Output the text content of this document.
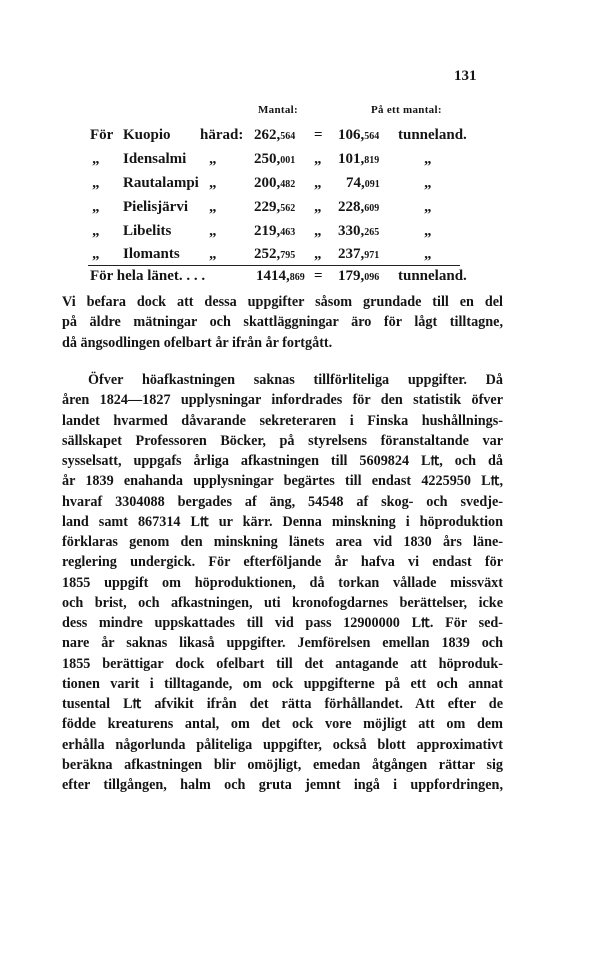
131
Mantal:	På ett mantal:
För Kuopio härad: 262,564 = 106,564 tunneland.
„ Idensalmi „	250,001 „ 101,819	„
„ Rautalampi „	200,482 „ 74,091	„
„ Pielisjärvi „	229,562 „ 228,609	„
„ Libelits	„	219,463 „ 330,265	„
„ Ilomants „	252,795 „ 237,971	„
För hela länet. . . .	1414,869 = 179,096 tunneland.
Vi befara dock att dessa uppgifter såsom grundade till en del
på äldre mätningar och skattläggningar äro för lågt tilltagne,
då ängsodlingen ofelbart år ifrån år fortgått.
Öfver höafkastningen saknas tillförliteliga uppgifter. Då
åren 1824—1827 upplysningar infordrades för den statistik öfver
landet hvarmed dåvarande sekreteraren i Finska hushållnings-
sällskapet Professoren Böcker, på styrelsens föranstaltande var
sysselsatt, uppgafs årliga afkastningen till 5609824 L₶, och då
år 1839 enahanda upplysningar begärtes till endast 4225950 L₶,
hvaraf 3304088 bergades af äng, 54548 af skog- och svedje-
land samt 867314 L₶ ur kärr. Denna minskning i höproduktion
förklaras genom den minskning länets area vid 1830 års läne-
reglering undergick. För efterföljande år hafva vi endast för
1855 uppgift om höproduktionen, då torkan vållade missväxt
och brist, och afkastningen, uti kronofogdarnes berättelser, icke
dess mindre uppskattades till vid pass 12900000 L₶. För sed-
nare år saknas likaså uppgifter. Jemförelsen emellan 1839 och
1855 berättigar dock ofelbart till det antagande att höproduk-
tionen varit i tilltagande, om ock uppgifterne på ett och annat
tusental L₶ afvikit ifrån det rätta förhållandet. Att efter de
födde kreaturens antal, om det ock vore möjligt att om dem
erhålla någorlunda påliteliga uppgifter, också blott approximativt
beräkna afkastningen blir omöjligt, emedan åtgången rättar sig
efter tillgången, halm och gruta jemnt ingå i uppfordringen,
